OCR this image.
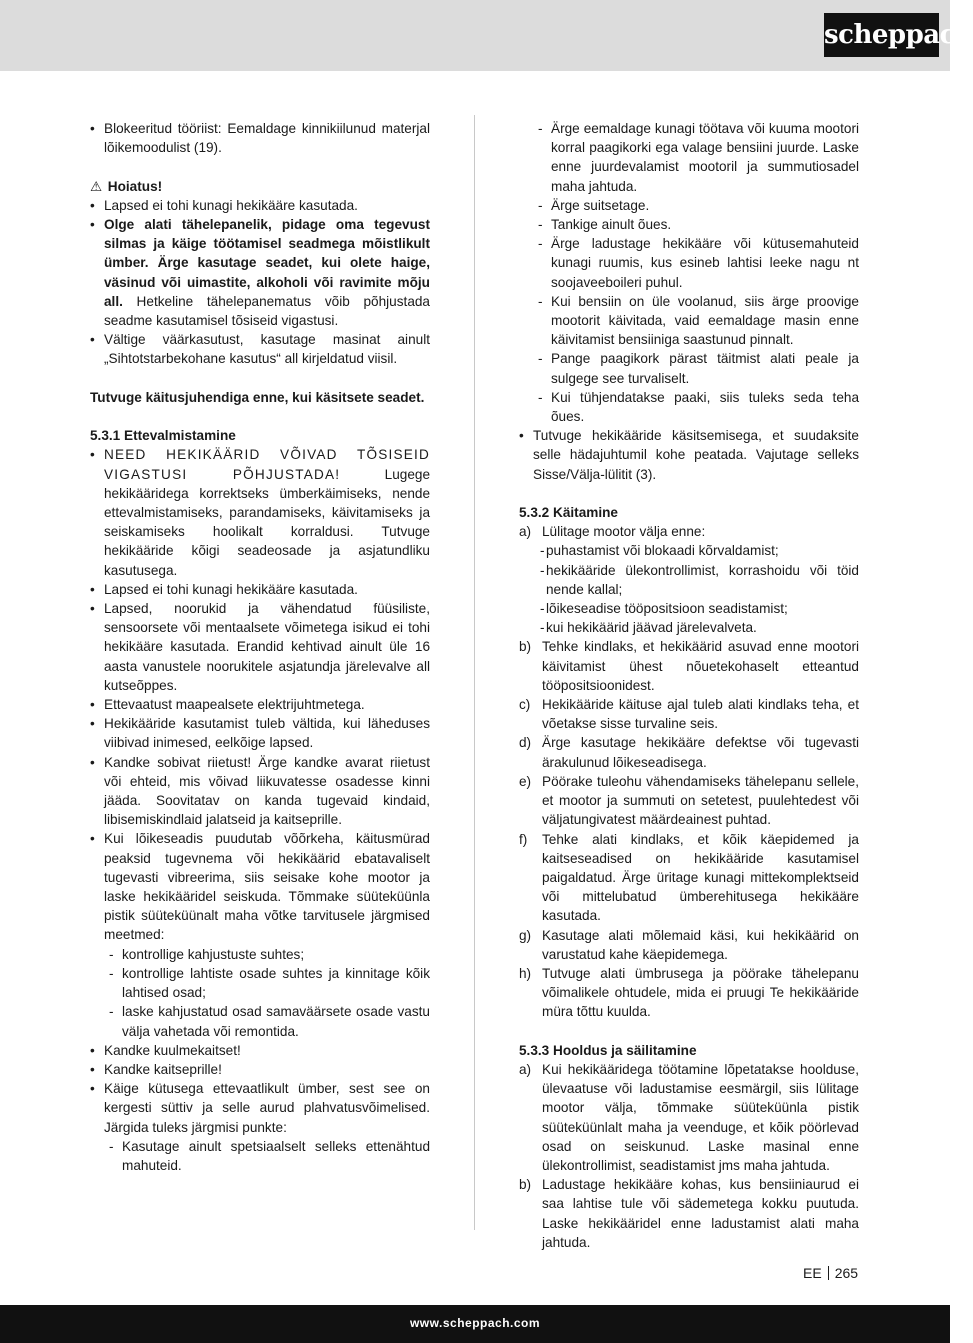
scheppach
• Blokeeritud tööriist: Eemaldage kinnikiilunud materjal lõikemoodulist (19).

⚠ Hoiatus!

• Lapsed ei tohi kunagi hekikääre kasutada.
• Olge alati tähelepanelik, pidage oma tegevust silmas ja käige töötamisel seadmega mõistlikult ümber. Ärge kasutage seadet, kui olete haige, väsinud või uimastite, alkoholi või ravimite mõju all. Hetkeline tähelepanematus võib põhjustada seadme kasutamisel tõsiseid vigastusi.
• Vältige väärkasutust, kasutage masinat ainult „Sihtotstarbekohane kasutus“ all kirjeldatud viisil.

Tutvuge käitusjuhendiga enne, kui käsitsete seadet.

5.3.1 Ettevalmistamine

• NEED HEKIKÄÄRID VÕIVAD TÕSISEID VIGASTUSI PÕHJUSTADA! Lugege hekikääridega korrektseks ümberkäimiseks, nende ettevalmistamiseks, parandamiseks, käivitamiseks ja seiskamiseks hoolikalt korraldusi. Tutvuge hekikääride kõigi seadeosade ja asjatundliku kasutusega.
• Lapsed ei tohi kunagi hekikääre kasutada.
• Lapsed, noorukid ja vähendatud füüsiliste, sensoorsete või mentaalsete võimetega isikud ei tohi hekikääre kasutada. Erandid kehtivad ainult üle 16 aasta vanustele noorukitele asjatundja järelevalve all kutseõppes.
• Ettevaatust maapealsete elektrijuhtmetega.
• Hekikääride kasutamist tuleb vältida, kui läheduses viibivad inimesed, eelkõige lapsed.
• Kandke sobivat riietust! Ärge kandke avarat riietust või ehteid, mis võivad liikuvatesse osadesse kinni jääda. Soovitatav on kanda tugevaid kindaid, libisemiskindlaid jalatseid ja kaitseprille.
• Kui lõikeseadis puudutab võõrkeha, käitusmürad peaksid tugevnema või hekikäärid ebatavaliselt tugevasti vibreerima, siis seisake kohe mootor ja laske hekikääridel seiskuda. Tõmmake süüteküünla pistik süüteküünalt maha võtke tarvitusele järgmised meetmed:
- kontrollige kahjustuste suhtes;
- kontrollige lahtiste osade suhtes ja kinnitage kõik lahtised osad;
- laske kahjustatud osad samaväärsete osade vastu välja vahetada või remontida.
• Kandke kuulmekaitset!
• Kandke kaitseprille!
• Käige kütusega ettevaatlikult ümber, sest see on kergesti süttiv ja selle aurud plahvatusvõimelised. Järgida tuleks järgmisi punkte:
- Kasutage ainult spetsiaalselt selleks ettenähtud mahuteid.
- Ärge eemaldage kunagi töötava või kuuma mootori korral paagikorki ega valage bensiini juurde. Laske enne juurdevalamist mootoril ja summutiosadel maha jahtuda.
- Ärge suitsetage.
- Tankige ainult õues.
- Ärge ladustage hekikääre või kütusemahuteid kunagi ruumis, kus esineb lahtisi leeke nagu nt soojaveeboileri puhul.
- Kui bensiin on üle voolanud, siis ärge proovige mootorit käivitada, vaid eemaldage masin enne käivitamist bensiiniga saastunud pinnalt.
- Pange paagikork pärast täitmist alati peale ja sulgege see turvaliselt.
- Kui tühjendatakse paaki, siis tuleks seda teha õues.
• Tutvuge hekikääride käsitsemisega, et suudaksite selle hädajuhtumil kohe peatada. Vajutage selleks Sisse/Välja-lülitit (3).

5.3.2 Käitamine

a) Lülitage mootor välja enne:
- puhastamist või blokaadi kõrvaldamist;
- hekikääride ülekontrollimist, korrashoidu või töid nende kallal;
- lõikeseadise tööpositsioon seadistamist;
- kui hekikäärid jäävad järelevalveta.
b) Tehke kindlaks, et hekikäärid asuvad enne mootori käivitamist ühest nõuetekohaselt etteantud tööpositsioonidest.
c) Hekikääride käituse ajal tuleb alati kindlaks teha, et võetakse sisse turvaline seis.
d) Ärge kasutage hekikääre defektse või tugevasti ärakulunud lõikeseadisega.
e) Pöörake tuleohu vähendamiseks tähelepanu sellele, et mootor ja summuti on setetest, puulehtedest või väljatungivatest määrdeainest puhtad.
f)	Tehke alati kindlaks, et kõik käepidemed ja kaitseseadised on hekikääride kasutamisel paigaldatud. Ärge üritage kunagi mittekomplektseid või mittelubatud ümberehitusega hekikääre kasutada.
g) Kasutage alati mõlemaid käsi, kui hekikäärid on varustatud kahe käepidemega.
h) Tutvuge alati ümbrusega ja pöörake tähelepanu võimalikele ohtudele, mida ei pruugi Te hekikääride müra tõttu kuulda.

5.3.3 Hooldus ja säilitamine

a) Kui hekikääridega töötamine lõpetatakse hoolduse, ülevaatuse või ladustamise eesmärgil, siis lülitage mootor välja, tõmmake süüteküünla pistik süüteküünlalt maha ja veenduge, et kõik pöörlevad osad on seiskunud. Laske masinal enne ülekontrollimist, seadistamist jms maha jahtuda.
b) Ladustage hekikääre kohas, kus bensiiniaurud ei saa lahtise tule või sädemetega kokku puutuda. Laske hekikääridel enne ladustamist alati maha jahtuda.
EE 265
www.scheppach.com
